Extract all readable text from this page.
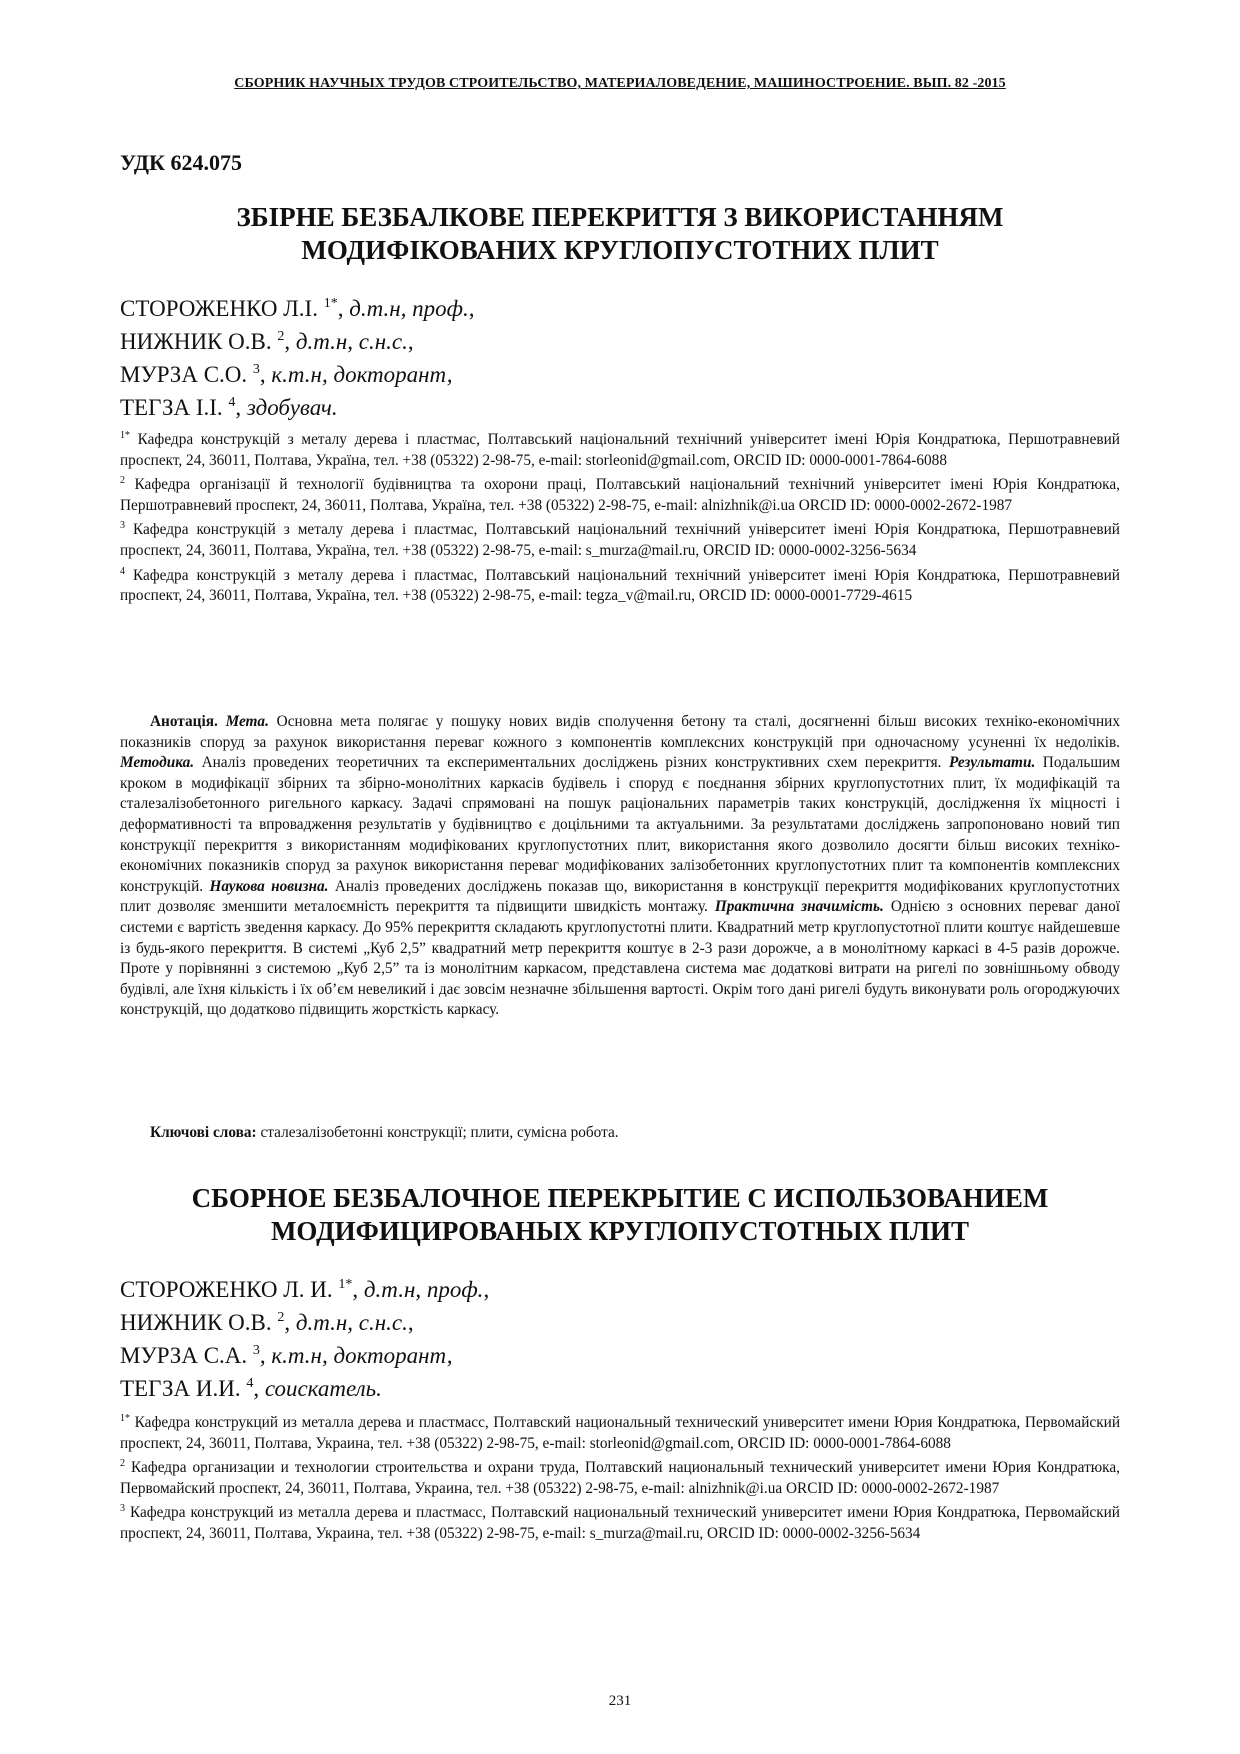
СБОРНИК НАУЧНЫХ ТРУДОВ СТРОИТЕЛЬСТВО, МАТЕРИАЛОВЕДЕНИЕ, МАШИНОСТРОЕНИЕ. ВЫП. 82 -2015
УДК 624.075
ЗБІРНЕ БЕЗБАЛКОВЕ ПЕРЕКРИТТЯ З ВИКОРИСТАННЯМ
МОДИФІКОВАНИХ КРУГЛОПУСТОТНИХ ПЛИТ
СТОРОЖЕНКО Л.І. $^{1*}$, д.т.н, проф.,
НИЖНИК О.В. $^2$, д.т.н, с.н.с.,
МУРЗА С.О. $^3$, к.т.н, докторант,
ТЕГЗА І.І. $^4$, здобувач.

$^{1*}$ Кафедра конструкцій з металу дерева і пластмас, Полтавський національний технічний університет імені Юрія Кондратюка, Першотравневий проспект, 24, 36011, Полтава, Україна, тел. +38 (05322) 2-98-75, e-mail: storleonid@gmail.com, ORCID ID: 0000-0001-7864-6088

$^2$ Кафедра організації й технології будівництва та охорони праці, Полтавський національний технічний університет імені Юрія Кондратюка, Першотравневий проспект, 24, 36011, Полтава, Україна, тел. +38 (05322) 2-98-75, e-mail: alnizhnik@i.ua ORCID ID: 0000-0002-2672-1987

$^3$ Кафедра конструкцій з металу дерева і пластмас, Полтавський національний технічний університет імені Юрія Кондратюка, Першотравневий проспект, 24, 36011, Полтава, Україна, тел. +38 (05322) 2-98-75, e-mail: s_murza@mail.ru, ORCID ID: 0000-0002-3256-5634

$^4$ Кафедра конструкцій з металу дерева і пластмас, Полтавський національний технічний університет імені Юрія Кондратюка, Першотравневий проспект, 24, 36011, Полтава, Україна, тел. +38 (05322) 2-98-75, e-mail: tegza_v@mail.ru, ORCID ID: 0000-0001-7729-4615

Анотація. Мета. Основна мета полягає у пошуку нових видів сполучення бетону та сталі, досягненні більш високих техніко-економічних показників споруд за рахунок використання переваг кожного з компонентів комплексних конструкцій при одночасному усуненні їх недоліків. Методика. Аналіз проведених теоретичних та експериментальних досліджень різних конструктивних схем перекриття. Результати. Подальшим кроком в модифікації збірних та збірно-монолітних каркасів будівель і споруд є поєднання збірних круглопустотних плит, їх модифікацій та сталезалізобетонного ригельного каркасу. Задачі спрямовані на пошук раціональних параметрів таких конструкцій, дослідження їх міцності і деформативності та впровадження результатів у будівництво є доцільними та актуальними. За результатами досліджень запропоновано новий тип конструкції перекриття з використанням модифікованих круглопустотних плит, використання якого дозволило досягти більш високих техніко-економічних показників споруд за рахунок використання переваг модифікованих залізобетонних круглопустотних плит та компонентів комплексних конструкцій. Наукова новизна. Аналіз проведених досліджень показав що, використання в конструкції перекриття модифікованих круглопустотних плит дозволяє зменшити металоємність перекриття та підвищити швидкість монтажу. Практична значимість. Однією з основних переваг даної системи є вартість зведення каркасу. До 95% перекриття складають круглопустотні плити. Квадратний метр круглопустотної плити коштує найдешевше із будь-якого перекриття. В системі „Куб 2,5” квадратний метр перекриття коштує в 2-3 рази дорожче, а в монолітному каркасі в 4-5 разів дорожче. Проте у порівнянні з системою „Куб 2,5” та із монолітним каркасом, представлена система має додаткові витрати на ригелі по зовнішньому обводу будівлі, але їхня кількість і їх об’єм невеликий і дає зовсім незначне збільшення вартості. Окрім того дані ригелі будуть виконувати роль огороджуючих конструкцій, що додатково підвищить жорсткість каркасу.

Ключові слова: сталезалізобетонні конструкції; плити, сумісна робота.
СБОРНОЕ БЕЗБАЛОЧНОЕ ПЕРЕКРЫТИЕ С ИСПОЛЬЗОВАНИЕМ
МОДИФИЦИРОВАНЫХ КРУГЛОПУСТОТНЫХ ПЛИТ
СТОРОЖЕНКО Л. И. $^{1*}$, д.т.н, проф.,
НИЖНИК О.В. $^2$, д.т.н, с.н.с.,
МУРЗА С.А. $^3$, к.т.н, докторант,
ТЕГЗА И.И. $^4$, соискатель.

$^{1*}$ Кафедра конструкций из металла дерева и пластмасс, Полтавский национальный технический университет имени Юрия Кондратюка, Первомайский проспект, 24, 36011, Полтава, Украина, тел. +38 (05322) 2-98-75, e-mail: storleonid@gmail.com, ORCID ID: 0000-0001-7864-6088

$^2$ Кафедра организации и технологии строительства и охрани труда, Полтавский национальный технический университет имени Юрия Кондратюка, Первомайский проспект, 24, 36011, Полтава, Украина, тел. +38 (05322) 2-98-75, e-mail: alnizhnik@i.ua ORCID ID: 0000-0002-2672-1987

$^3$ Кафедра конструкций из металла дерева и пластмасс, Полтавский национальный технический университет имени Юрия Кондратюка, Первомайский проспект, 24, 36011, Полтава, Украина, тел. +38 (05322) 2-98-75, e-mail: s_murza@mail.ru, ORCID ID: 0000-0002-3256-5634

231
